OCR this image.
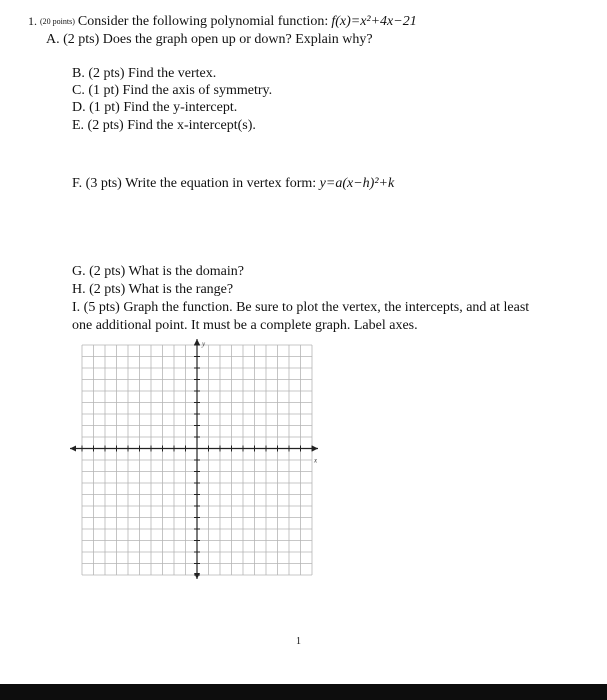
1. (20 points) Consider the following polynomial function: f(x)=x²+4x−21
A. (2 pts) Does the graph open up or down? Explain why?
B. (2 pts) Find the vertex.
C. (1 pt) Find the axis of symmetry.
D. (1 pt) Find the y-intercept.
E. (2 pts) Find the x-intercept(s).
F. (3 pts) Write the equation in vertex form: y=a(x−h)²+k
G. (2 pts) What is the domain?
H. (2 pts) What is the range?
I. (5 pts) Graph the function. Be sure to plot the vertex, the intercepts, and at least
one additional point. It must be a complete graph. Label axes.
x
y
1
